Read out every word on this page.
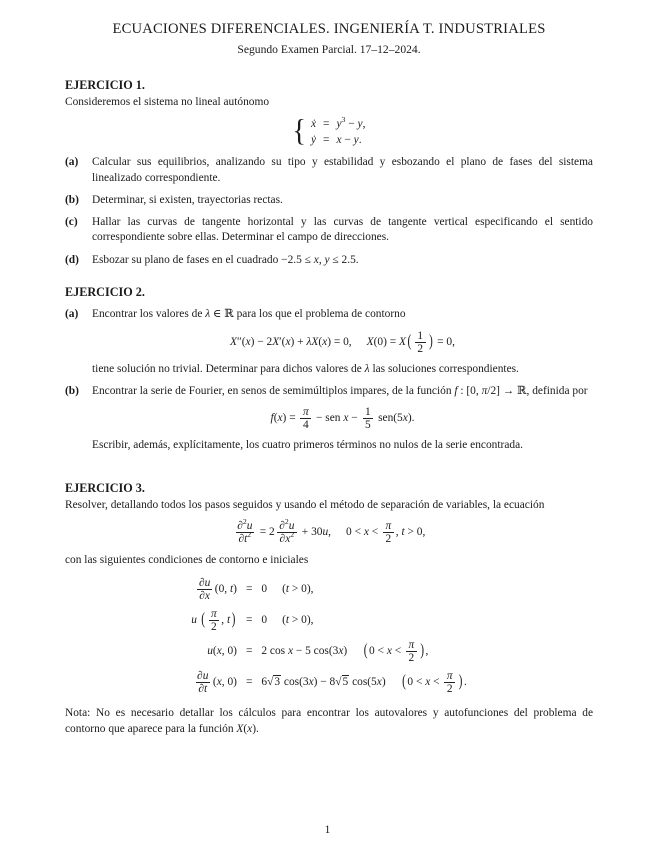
ECUACIONES DIFERENCIALES. INGENIERÍA T. INDUSTRIALES
Segundo Examen Parcial. 17–12–2024.
EJERCICIO 1.

Consideremos el sistema no lineal autónomo

{ ẋ = $y^3 - y$,
ẏ = x − y.
(a)	Calcular sus equilibrios, analizando su tipo y estabilidad y esbozando el plano de fases del sistema linealizado correspondiente.
(b)	Determinar, si existen, trayectorias rectas.
(c)	Hallar las curvas de tangente horizontal y las curvas de tangente vertical especificando el sentido correspondiente sobre ellas. Determinar el campo de direcciones.
(d)	Esbozar su plano de fases en el cuadrado −2.5 ≤ x, y ≤ 2.5.
EJERCICIO 2.
(a)	Encontrar los valores de λ ∈ ℝ para los que el problema de contorno
X″(x) − 2X′(x) + λX(x) = 0, X(0) = X ( $\frac{1}{2}$ ) = 0,
tiene solución no trivial. Determinar para dichos valores de λ las soluciones correspondientes.
(b)	Encontrar la serie de Fourier, en senos de semimúltiplos impares, de la función f : [0, π/2] → ℝ, definida por
$f(x) = \frac{\pi}{4}$ − sen $x - \frac{1}{5} sen(5x)$.
Escribir, además, explícitamente, los cuatro primeros términos no nulos de la serie encontrada.
EJERCICIO 3.

Resolver, detallando todos los pasos seguidos y usando el método de separación de variables, la ecuación

$\frac{\partial^2u}{\partial t^2} = 2 \frac{\partial^2u}{\partial x^2} + 30u$, $0 < x < \frac{\pi}{2}$ , t > 0,

con las siguientes condiciones de contorno e iniciales

$\frac{\partial u}{\partial x} (0$, t) = 0 (t > 0),
u ( $\frac{\pi}{2}$ , t ) = 0 (t > 0),
u(x, 0) = 2 cos x − 5 cos(3x) ( $0 < x < \frac{\pi}{2}$ ) ,
$\frac{\partial u}{\partial t} (x$, 0) = 6√3 cos(3x) − 8√5 cos(5x) ( $0 < x < \frac{\pi}{2}$ ) .

Nota: No es necesario detallar los cálculos para encontrar los autovalores y autofunciones del problema de contorno que aparece para la función X(x).

1
